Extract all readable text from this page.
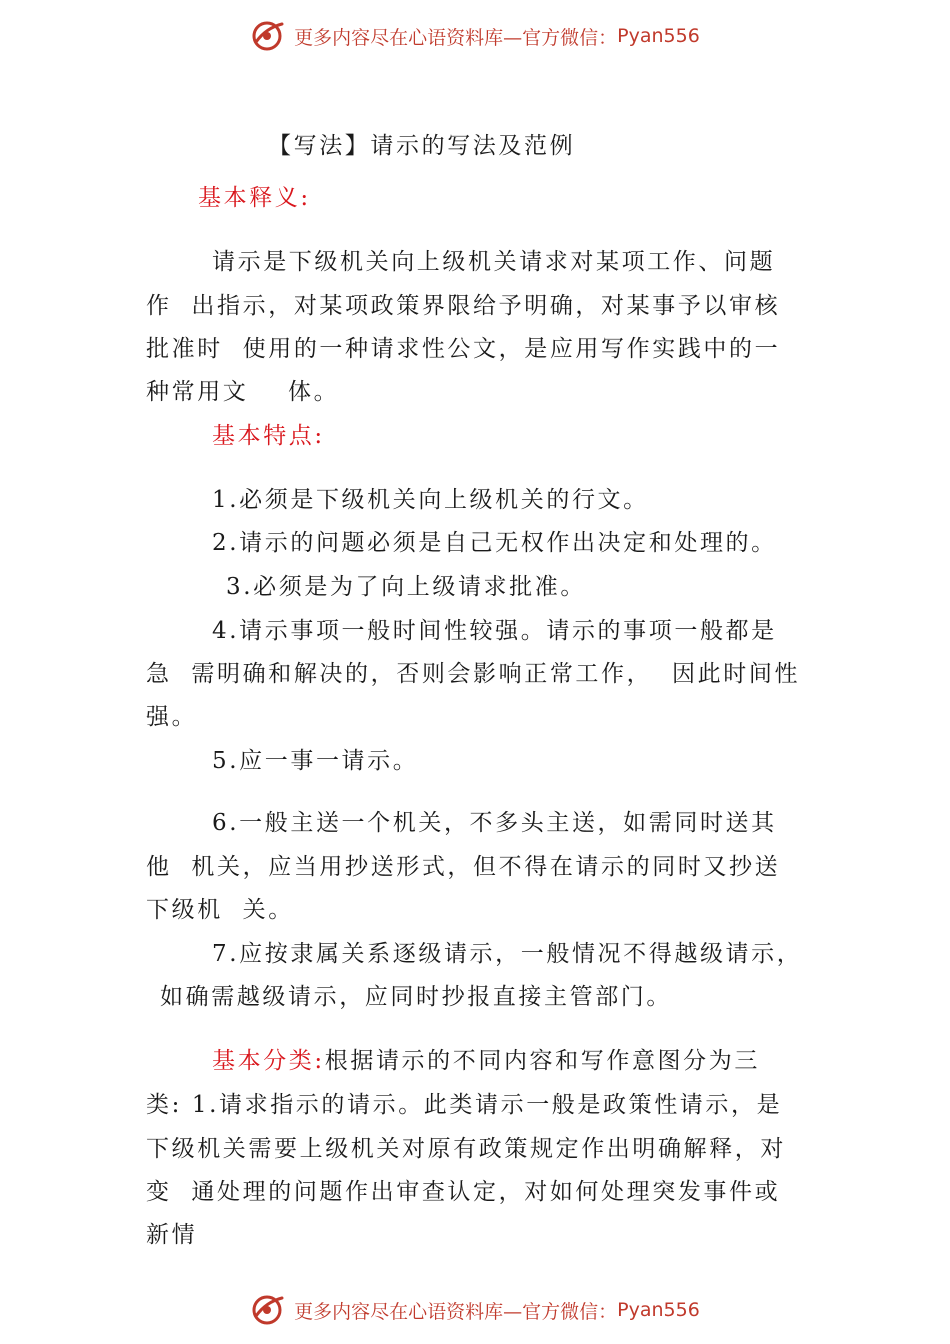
更多内容尽在心语资料库—官方微信： Pyan556
【写法】请示的写法及范例
基本释义:
请示是下级机关向上级机关请求对某项工作、问题
作  出指示，对某项政策界限给予明确，对某事予以审核
批准时  使用的一种请求性公文，是应用写作实践中的一
种常用文    体。
基本特点:
1.必须是下级机关向上级机关的行文。
2.请示的问题必须是自己无权作出决定和处理的。
3.必须是为了向上级请求批准。
4.请示事项一般时间性较强。请示的事项一般都是
急  需明确和解决的，否则会影响正常工作，  因此时间性
强。
5.应一事一请示。
6.一般主送一个机关，不多头主送，如需同时送其
他  机关，应当用抄送形式，但不得在请示的同时又抄送
下级机  关。
7.应按隶属关系逐级请示，一般情况不得越级请示，
如确需越级请示，应同时抄报直接主管部门。
基本分类:根据请示的不同内容和写作意图分为三
类: 1.请求指示的请示。此类请示一般是政策性请示，是
下级机关需要上级机关对原有政策规定作出明确解释，对
变  通处理的问题作出审查认定，对如何处理突发事件或
新情
更多内容尽在心语资料库—官方微信： Pyan556
